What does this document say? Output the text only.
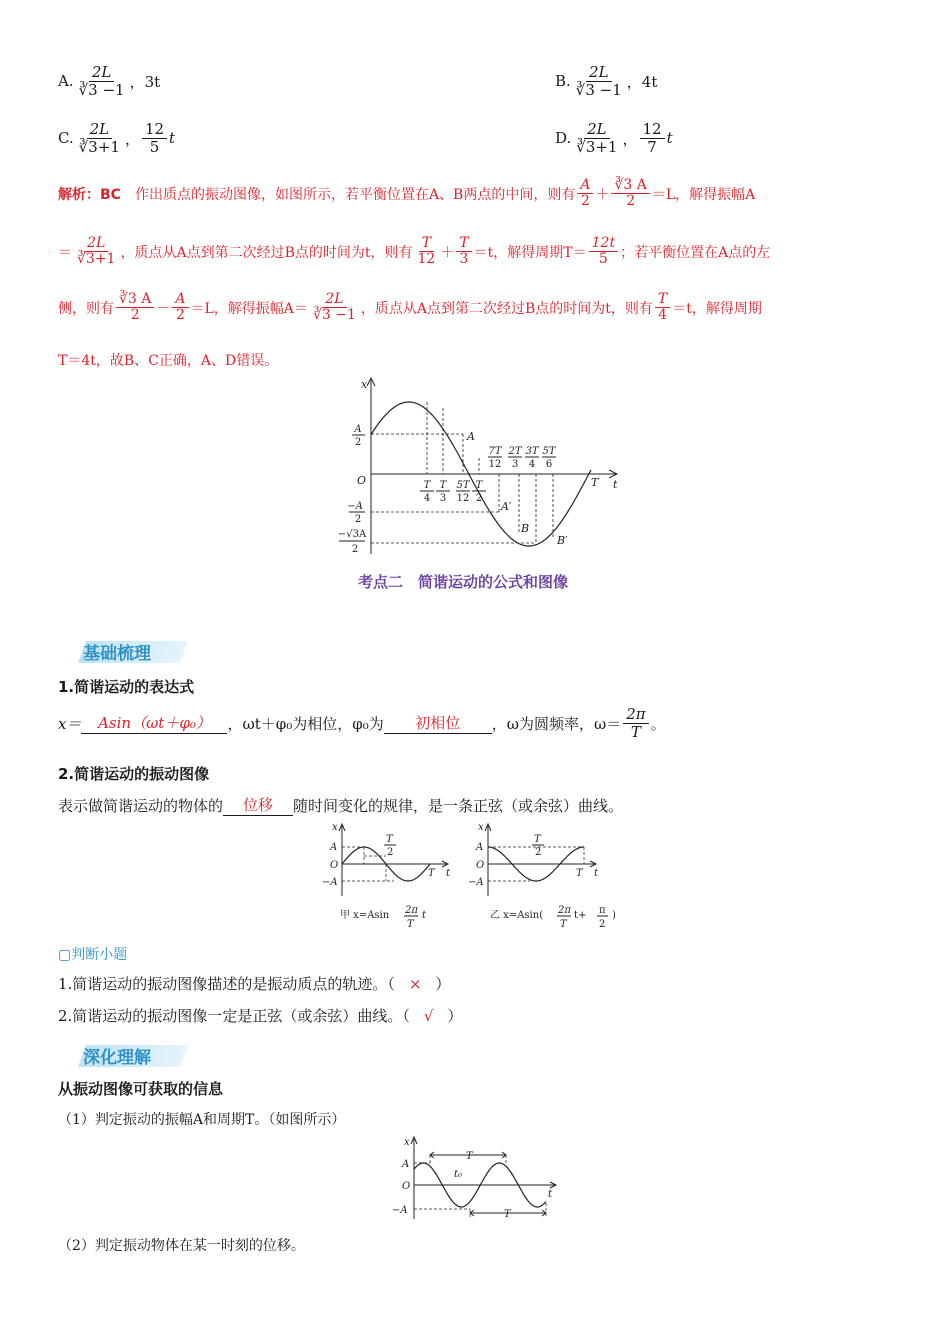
A. $\frac{2L}{∛3 -1}$ ，3t	B. $\frac{2L}{∛3 -1}$ ，4t
C. $\frac{2L}{∛3+1}$ ， $\frac{12}{5}$ t	D. $\frac{2L}{∛3+1}$ ， $\frac{12}{7}$ t
解析：BC 作出质点的振动图像，如图所示，若平衡位置在A、B两点的中间，则有 $\frac{A}{2} + \frac{∛3 A}{2} =L$，解得振幅A
＝ $\frac{2L}{∛3+1}$ ，质点从A点到第二次经过B点的时间为t，则有 $\frac{T}{12} + \frac{T}{3} =t$，解得周期$T= \frac{12t}{5}$ ；若平衡位置在A点的左
侧，则有 $\frac{∛3 A}{2} - \frac{A}{2} =L$，解得振幅$A= \frac{2L}{∛3 -1}$ ，质点从A点到第二次经过B点的时间为t，则有 $\frac{T}{4} =t$，解得周期
T＝4t，故B、C正确，A、D错误。
x
t
T
O
A
A′
B
B′
A
2
−A
2
−√3A
2
T
4
T
3
5T
12
T
2
7T
12
2T
3
3T
4
5T
6
考点二　简谐运动的公式和图像
基础梳理
1.简谐运动的表达式
x＝	Asin（ωt＋φ₀）	，ωt＋φ₀为相位，φ₀为	初相位	，ω为圆频率，$\omega= \frac{2\pi}{T}$ 。
2.简谐运动的振动图像
表示做简谐运动的物体的	位移	随时间变化的规律，是一条正弦（或余弦）曲线。
x
A
O
−A
T t
T
x
A
O
−A
T t
T
2	2
甲 x=Asin 2π
T
t	乙 x=Asin( 2π
T
t+ π
2
)
▢判断小题
1.简谐运动的振动图像描述的是振动质点的轨迹。（ × ）
2.简谐运动的振动图像一定是正弦（或余弦）曲线。（ √ ）
深化理解
从振动图像可获取的信息
（1）判定振动的振幅A和周期T。（如图所示）
x
A
O
−A
T
T
t
t₀
（2）判定振动物体在某一时刻的位移。
